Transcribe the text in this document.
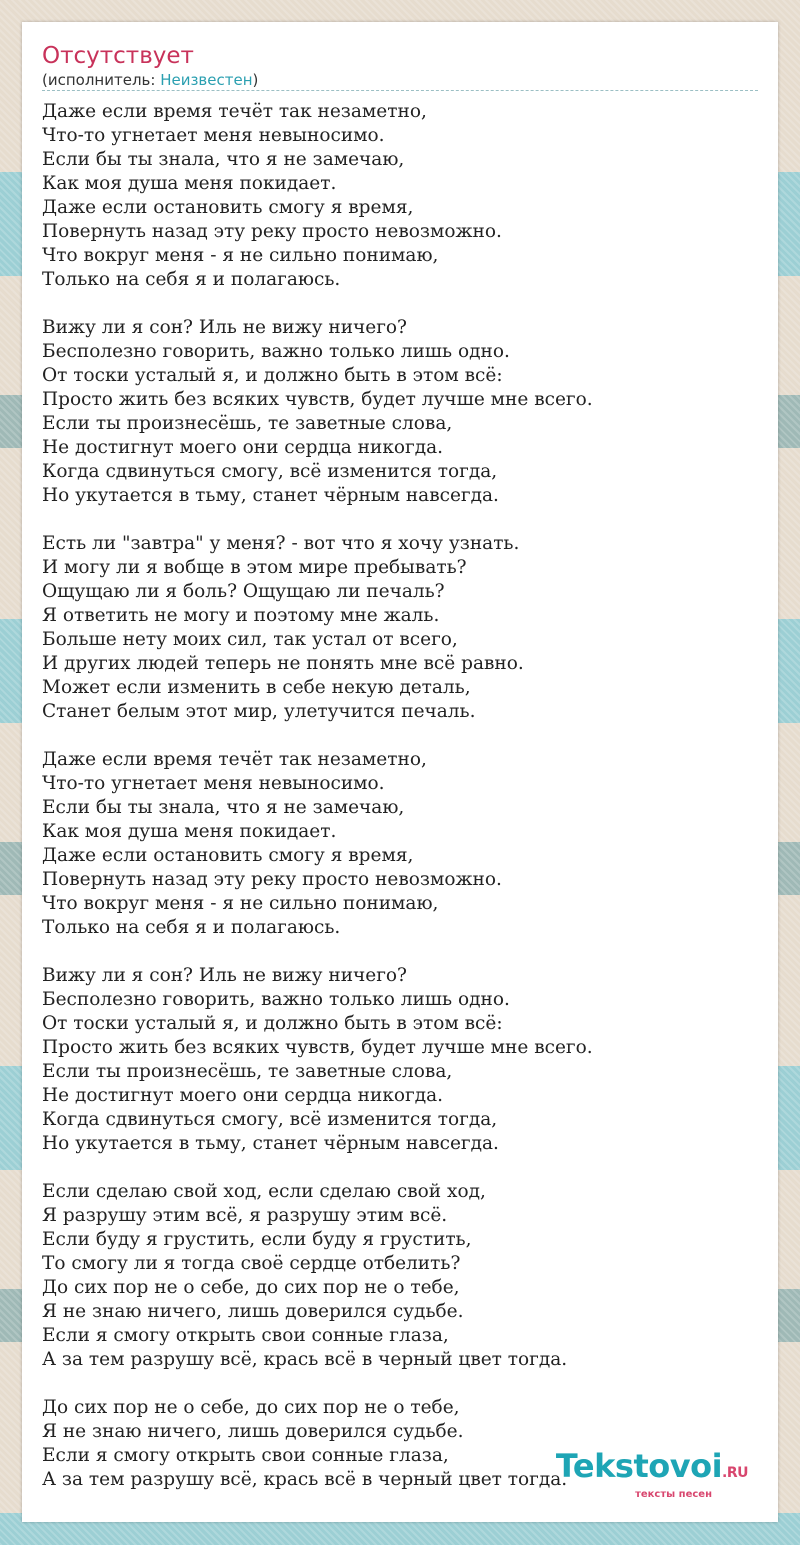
Отсутствует
(исполнитель: Неизвестен)
Даже если время течёт так незаметно,
Что-то угнетает меня невыносимо.
Если бы ты знала, что я не замечаю,
Как моя душа меня покидает.
Даже если остановить смогу я время,
Повернуть назад эту реку просто невозможно.
Что вокруг меня - я не сильно понимаю,
Только на себя я и полагаюсь.
Вижу ли я сон? Иль не вижу ничего?
Бесполезно говорить, важно только лишь одно.
От тоски усталый я, и должно быть в этом всё:
Просто жить без всяких чувств, будет лучше мне всего.
Если ты произнесёшь, те заветные слова,
Не достигнут моего они сердца никогда.
Когда сдвинуться смогу, всё изменится тогда,
Но укутается в тьму, станет чёрным навсегда.
Есть ли "завтра" у меня? - вот что я хочу узнать.
И могу ли я вобще в этом мире пребывать?
Ощущаю ли я боль? Ощущаю ли печаль?
Я ответить не могу и поэтому мне жаль.
Больше нету моих сил, так устал от всего,
И других людей теперь не понять мне всё равно.
Может если изменить в себе некую деталь,
Станет белым этот мир, улетучится печаль.
Даже если время течёт так незаметно,
Что-то угнетает меня невыносимо.
Если бы ты знала, что я не замечаю,
Как моя душа меня покидает.
Даже если остановить смогу я время,
Повернуть назад эту реку просто невозможно.
Что вокруг меня - я не сильно понимаю,
Только на себя я и полагаюсь.
Вижу ли я сон? Иль не вижу ничего?
Бесполезно говорить, важно только лишь одно.
От тоски усталый я, и должно быть в этом всё:
Просто жить без всяких чувств, будет лучше мне всего.
Если ты произнесёшь, те заветные слова,
Не достигнут моего они сердца никогда.
Когда сдвинуться смогу, всё изменится тогда,
Но укутается в тьму, станет чёрным навсегда.
Если сделаю свой ход, если сделаю свой ход,
Я разрушу этим всё, я разрушу этим всё.
Если буду я грустить, если буду я грустить,
То смогу ли я тогда своё сердце отбелить?
До сих пор не о себе, до сих пор не о тебе,
Я не знаю ничего, лишь доверился судьбе.
Если я смогу открыть свои сонные глаза,
А за тем разрушу всё, крась всё в черный цвет тогда.
До сих пор не о себе, до сих пор не о тебе,
Я не знаю ничего, лишь доверился судьбе.
Если я смогу открыть свои сонные глаза,
А за тем разрушу всё, крась всё в черный цвет тогда.
Tekstovoi.RU
тексты песен
